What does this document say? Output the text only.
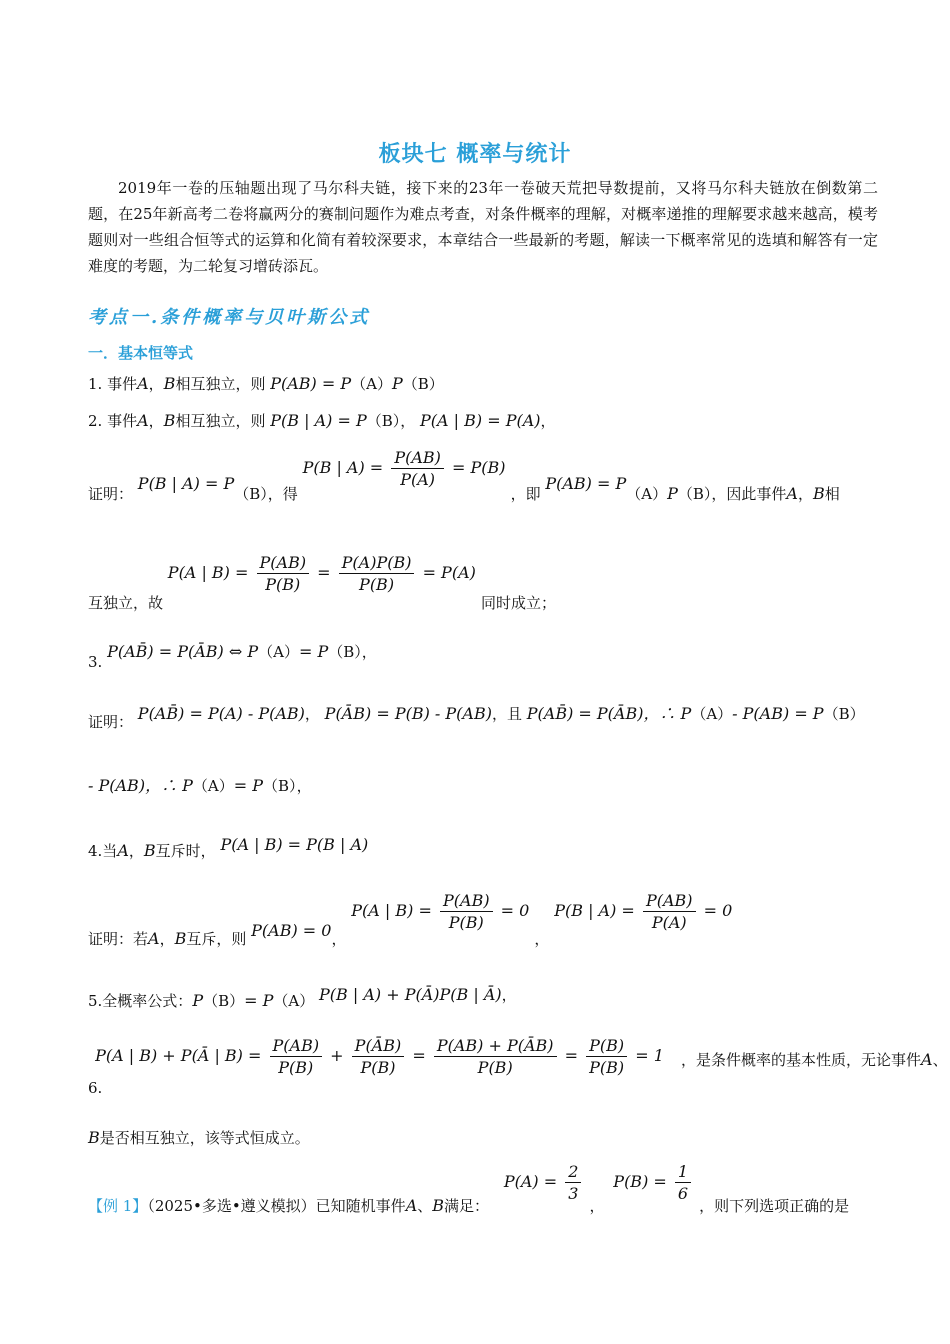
板块七 概率与统计
2019年一卷的压轴题出现了马尔科夫链，接下来的23年一卷破天荒把导数提前，又将马尔科夫链放在倒数第二题，在25年新高考二卷将赢两分的赛制问题作为难点考查，对条件概率的理解，对概率递推的理解要求越来越高，模考题则对一些组合恒等式的运算和化简有着较深要求，本章结合一些最新的考题，解读一下概率常见的选填和解答有一定难度的考题，为二轮复习增砖添瓦。
考点一.条件概率与贝叶斯公式
一．基本恒等式
1. 事件A，B相互独立，则 P(AB) = P（A）P（B）
2. 事件A，B相互独立，则 P(B | A) = P（B）， P(A | B) = P(A)，
证明： P(B | A) = P（B），得 P(B | $A) = \frac{P(AB)}{P(A)} = P(B)$ ，即 P(AB) = P（A）P（B），因此事件A，B相
互独立，故 P(A | $B) = \frac{P(AB)}{P(B)} = \frac{P(A)P(B)}{P(B)} = P(A)$ 同时成立；
3. P(AB̄) = P(ĀB) ⇔ P（A）= P（B），
证明： P(AB̄) = P(A) - P(AB)， P(ĀB) = P(B) - P(AB)，且 P(AB̄) = P(ĀB)，∴ P（A）- P(AB) = P（B）
- P(AB)，∴ P（A）= P（B），
4.当A，B互斥时， P(A | B) = P(B | A)
证明：若A，B互斥，则 P(AB) = 0， P(A | $B) = \frac{P(AB)}{P(B)} = 0$ ， P(B | $A) = \frac{P(AB)}{P(A)} = 0$
5.全概率公式：P（B）= P（A） P(B | A) + P(Ā)P(B | Ā)，
6. P(A | B) + P(Ā | $B) = \frac{P(AB)}{P(B)} + \frac{P(ĀB)}{P(B)} = \frac{P(AB) + P(ĀB)}{P(B)} = \frac{P(B)}{P(B)} = 1$ ，是条件概率的基本性质，无论事件A、
B是否相互独立，该等式恒成立。
【例 1】（2025•多选•遵义模拟）已知随机事件A、B满足： $P(A) = \frac{2}{3}$
， $P(B) = \frac{1}{6}$
，则下列选项正确的是
